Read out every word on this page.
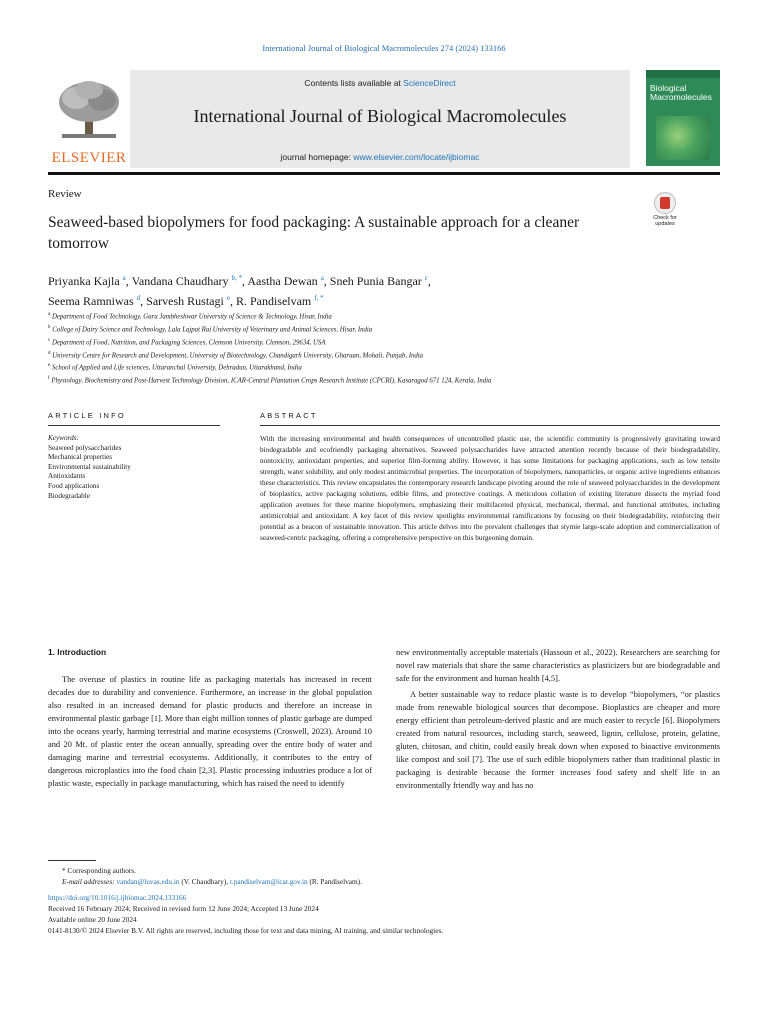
International Journal of Biological Macromolecules 274 (2024) 133166
ELSEVIER
Contents lists available at ScienceDirect
International Journal of Biological Macromolecules
journal homepage: www.elsevier.com/locate/ijbiomac
Biological Macromolecules
Review
Seaweed-based biopolymers for food packaging: A sustainable approach for a cleaner tomorrow
Check for updates
Priyanka Kajla $^a$, Vandana Chaudhary $^{b, *}$, Aastha Dewan $^a$, Sneh Punia Bangar $^c$,
Seema Ramniwas $^d$, Sarvesh Rustagi $^e$, R. Pandiselvam $^{f, *}$
$^a$ Department of Food Technology, Guru Jambheshwar University of Science & Technology, Hisar, India
$^b$ College of Dairy Science and Technology, Lala Lajpat Rai University of Veterinary and Animal Sciences, Hisar, India
$^c$ Department of Food, Nutrition, and Packaging Sciences, Clemson University, Clemson, 29634, USA
$^d$ University Centre for Research and Development, University of Biotechnology, Chandigarh University, Gharuan, Mohali, Punjab, India
$^e$ School of Applied and Life sciences, Uttaranchal University, Dehradun, Uttarakhand, India
$^f$ Physiology, Biochemistry and Post-Harvest Technology Division, ICAR-Central Plantation Crops Research Institute (CPCRI), Kasaragod 671 124, Kerala, India
ARTICLE INFO	ABSTRACT
Keywords:
Seaweed polysaccharides
Mechanical properties
Environmental sustainability
Antioxidants
Food applications
Biodegradable
With the increasing environmental and health consequences of uncontrolled plastic use, the scientific community is progressively gravitating toward biodegradable and ecofriendly packaging alternatives. Seaweed polysaccharides have attracted attention recently because of their biodegradability, nontoxicity, antioxidant properties, and superior film-forming ability. However, it has some limitations for packaging applications, such as low tensile strength, water solubility, and only modest antimicrobial properties. The incorporation of biopolymers, nanoparticles, or organic active ingredients enhances these characteristics. This review encapsulates the contemporary research landscape pivoting around the role of seaweed polysaccharides in the development of bioplastics, active packaging solutions, edible films, and protective coatings. A meticulous collation of existing literature dissects the myriad food application avenues for these marine biopolymers, emphasizing their multifaceted physical, mechanical, thermal, and functional attributes, including antimicrobial and antioxidant. A key facet of this review spotlights environmental ramifications by focusing on their biodegradability, reinforcing their potential as a beacon of sustainable innovation. This article delves into the prevalent challenges that stymie large-scale adoption and commercialization of seaweed-centric packaging, offering a comprehensive perspective on this burgeoning domain.
1. Introduction

The overuse of plastics in routine life as packaging materials has increased in recent decades due to durability and convenience. Furthermore, an increase in the global population also resulted in an increased demand for plastic products and therefore an increase in environmental plastic garbage [1]. More than eight million tonnes of plastic garbage are dumped into the oceans yearly, harming terrestrial and marine ecosystems (Croswell, 2023). Around 10 and 20 Mt. of plastic enter the ocean annually, spreading over the entire body of water and damaging marine and terrestrial ecosystems. Additionally, it contributes to the entry of dangerous microplastics into the food chain [2,3]. Plastic processing industries produce a lot of plastic waste, especially in package manufacturing, which has raised the need to identify

new environmentally acceptable materials (Hassoun et al., 2022). Researchers are searching for novel raw materials that share the same characteristics as plasticizers but are biodegradable and safe for the environment and human health [4,5].

A better sustainable way to reduce plastic waste is to develop “biopolymers, “or plastics made from renewable biological sources that decompose. Bioplastics are cheaper and more energy efficient than petroleum-derived plastic and are much easier to recycle [6]. Biopolymers created from natural resources, including starch, seaweed, lignin, cellulose, protein, gelatine, gluten, chitosan, and chitin, could easily break down when exposed to bioactive environments like compost and soil [7]. The use of such edible biopolymers rather than traditional plastic in packaging is desirable because the former increases food safety and shelf life in an environmentally friendly way and has no

* Corresponding authors.
E-mail addresses: vandan@luvas.edu.in (V. Chaudhary), r.pandiselvam@icar.gov.in (R. Pandiselvam).
https://doi.org/10.1016/j.ijbiomac.2024.133166
Received 16 February 2024; Received in revised form 12 June 2024; Accepted 13 June 2024
Available online 20 June 2024
0141-8130/© 2024 Elsevier B.V. All rights are reserved, including those for text and data mining, AI training, and similar technologies.
